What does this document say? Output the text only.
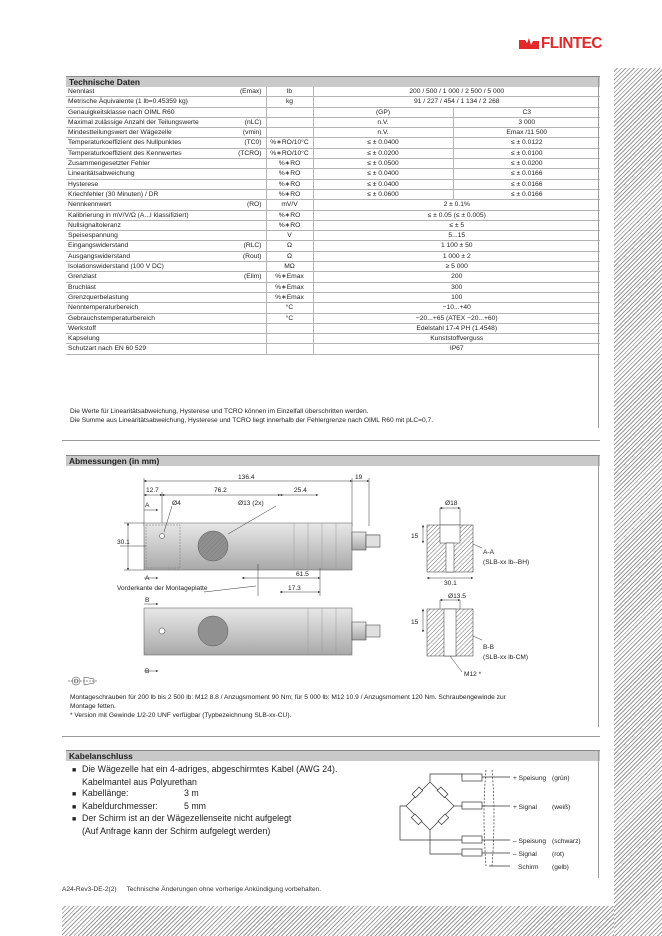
FLINTEC
Technische Daten
Nennlast (Emax)	lb	200 / 500 / 1 000 / 2 500 / 5 000	

Metrische Äquivalente (1 lb=0.45359 kg)	kg	91 / 227 / 454 / 1 134 / 2 268	

Genauigkeitsklasse nach OIML R60		(GP)	C3

Maximal zulässige Anzahl der Teilungswerte (nLC)		n.V.	3 000

Mindestteilungswert der Wägezelle (vmin)		n.V.	Emax /11 500

Temperaturkoeffizient des Nullpunktes (TC0)	%∗RO/10°C	≤ ± 0.0400	≤ ± 0.0122

Temperaturkoeffizient des Kennwertes (TCRO)	%∗RO/10°C	≤ ± 0.0200	≤ ± 0.0100

Zusammengesetzter Fehler	%∗RO	≤ ± 0.0500	≤ ± 0.0200

Linearitätsabweichung	%∗RO	≤ ± 0.0400	≤ ± 0.0166

Hysterese	%∗RO	≤ ± 0.0400	≤ ± 0.0166

Kriechfehler (30 Minuten) / DR	%∗RO	≤ ± 0.0600	≤ ± 0.0166

Nennkennwert (RO)	mV/V	2 ± 0.1%	

Kalibrierung in mV/V/Ω (A...I klassifiziert)	%∗RO	≤ ± 0.05 (≤ ± 0.005)	

Nullsignaltoleranz	%∗RO	≤ ± 5	

Speisespannung	V	5...15	

Eingangswiderstand (RLC)	Ω	1 100 ± 50	

Ausgangswiderstand (Rout)	Ω	1 000 ± 2	

Isolationswiderstand (100 V DC)	MΩ	≥ 5 000	

Grenzlast (Elim)	%∗Emax	200	

Bruchlast	%∗Emax	300	

Grenzquerbelastung	%∗Emax	100	

Nenntemperaturbereich	°C	−10...+40	

Gebrauchstemperaturbereich	°C	−20...+65 (ATEX −20...+60)	

Werkstoff		Edelstahl 17-4 PH (1.4548)	

Kapselung		Kunststoffverguss	

Schutzart nach EN 60 529		IP67	
Die Werte für Linearitätsabweichung, Hysterese und TCRO können im Einzelfall überschritten werden.
Die Summe aus Linearitätsabweichung, Hysterese und TCRO liegt innerhalb der Fehlergrenze nach OIML R60 mit pLC=0,7.
Abmessungen (in mm)
136.4	19
12.7	76.2	25.4
Ø4	Ø13 (2x)
30.1
A
A
61.5
17.3
Vorderkante der Montageplatte
B
B
Ø18
15
30.1
A-A
(SLB-xx lb--BH)
Ø13.5
15
B-B
(SLB-xx lb-CM)
M12 *
Montageschrauben für 200 lb bis 2 500 lb: M12 8.8 / Anzugsmoment 90 Nm; für 5 000 lb: M12 10.9 / Anzugsmoment 120 Nm. Schraubengewinde zur
Montage fetten.
* Version mit Gewinde 1/2-20 UNF verfügbar (Typbezeichnung SLB-xx-CU).
Kabelanschluss
■ Die Wägezelle hat ein 4-adriges, abgeschirmtes Kabel (AWG 24).
Kabelmantel aus Polyurethan
■ Kabellänge:	3 m
■ Kabeldurchmesser:	5 mm
■ Der Schirm ist an der Wägezellenseite nicht aufgelegt
(Auf Anfrage kann der Schirm aufgelegt werden)
+ Speisung (grün)
+ Signal (weiß)
– Speisung (schwarz)
– Signal (rot)
Schirm (gelb)
A24-Rev3-DE-2(2) Technische Änderungen ohne vorherige Ankündigung vorbehalten.
